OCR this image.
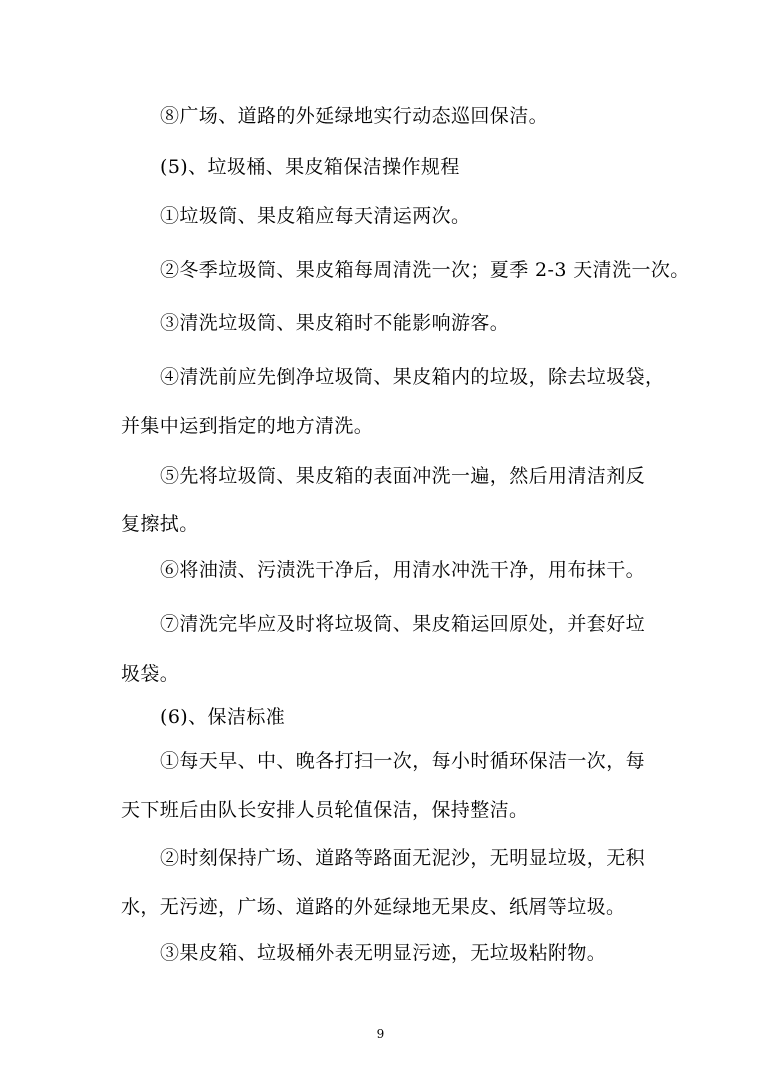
⑧广场、道路的外延绿地实行动态巡回保洁。
(5)、垃圾桶、果皮箱保洁操作规程
①垃圾筒、果皮箱应每天清运两次。
②冬季垃圾筒、果皮箱每周清洗一次；夏季 2-3 天清洗一次。
③清洗垃圾筒、果皮箱时不能影响游客。
④清洗前应先倒净垃圾筒、果皮箱内的垃圾，除去垃圾袋，
并集中运到指定的地方清洗。
⑤先将垃圾筒、果皮箱的表面冲洗一遍，然后用清洁剂反
复擦拭。
⑥将油渍、污渍洗干净后，用清水冲洗干净，用布抹干。
⑦清洗完毕应及时将垃圾筒、果皮箱运回原处，并套好垃
圾袋。
(6)、保洁标准
①每天早、中、晚各打扫一次，每小时循环保洁一次，每
天下班后由队长安排人员轮值保洁，保持整洁。
②时刻保持广场、道路等路面无泥沙，无明显垃圾，无积
水，无污迹，广场、道路的外延绿地无果皮、纸屑等垃圾。
③果皮箱、垃圾桶外表无明显污迹，无垃圾粘附物。
9
